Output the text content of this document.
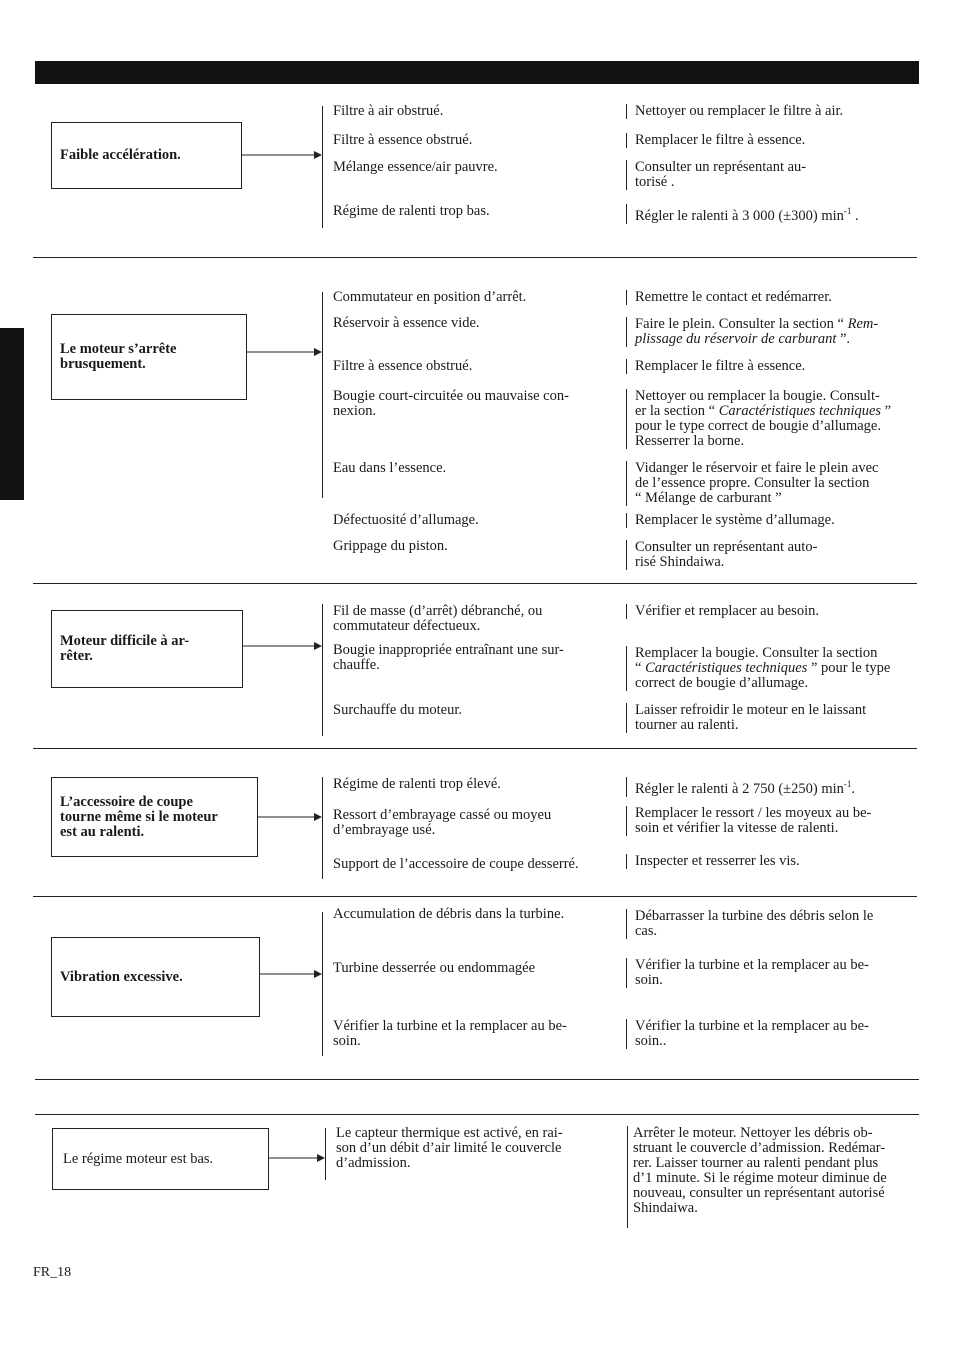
Faible accélération.
Filtre à air obstrué.
Filtre à essence obstrué.
Mélange essence/air pauvre.
Régime de ralenti trop bas.
Nettoyer ou remplacer le filtre à air.
Remplacer le filtre à essence.
Consulter un représentant au-
torisé .
Régler le ralenti à 3 000 (±300) $\min^{-1}$ .
Le moteur s’arrête brusquement.
Commutateur en position d’arrêt.
Réservoir à essence vide.
Filtre à essence obstrué.
Bougie court-circuitée ou mauvaise con-
nexion.
Eau dans l’essence.
Défectuosité d’allumage.
Grippage du piston.
Remettre le contact et redémarrer.
Faire le plein. Consulter la section “ Rem-
plissage du réservoir de carburant ”.
Remplacer le filtre à essence.
Nettoyer ou remplacer la bougie. Consult-
er la section “ Caractéristiques techniques ”
pour le type correct de bougie d’allumage.
Resserrer la borne.
Vidanger le réservoir et faire le plein avec
de l’essence propre. Consulter la section
“ Mélange de carburant ”
Remplacer le système d’allumage.
Consulter un représentant auto-
risé Shindaiwa.
Moteur difficile à ar-
rêter.
Fil de masse (d’arrêt) débranché, ou
commutateur défectueux.
Bougie inappropriée entraînant une sur-
chauffe.
Surchauffe du moteur.
Vérifier et remplacer au besoin.
Remplacer la bougie. Consulter la section
“ Caractéristiques techniques ” pour le type
correct de bougie d’allumage.
Laisser refroidir le moteur en le laissant
tourner au ralenti.
L’accessoire de coupe
tourne même si le moteur
est au ralenti.
Régime de ralenti trop élevé.
Ressort d’embrayage cassé ou moyeu
d’embrayage usé.
Support de l’accessoire de coupe desserré.
Régler le ralenti à 2 750 (±250) $\min^{-1}$.
Remplacer le ressort / les moyeux au be-
soin et vérifier la vitesse de ralenti.
Inspecter et resserrer les vis.
Vibration excessive.
Accumulation de débris dans la turbine.
Turbine desserrée ou endommagée
Vérifier la turbine et la remplacer au be-
soin.
Débarrasser la turbine des débris selon le
cas.
Vérifier la turbine et la remplacer au be-
soin.
Vérifier la turbine et la remplacer au be-
soin..
Le régime moteur est bas.
Le capteur thermique est activé, en rai-
son d’un débit d’air limité le couvercle
d’admission.
Arrêter le moteur. Nettoyer les débris ob-
struant le couvercle d’admission. Redémar-
rer. Laisser tourner au ralenti pendant plus
d’1 minute. Si le régime moteur diminue de
nouveau, consulter un représentant autorisé
Shindaiwa.
FR_18
